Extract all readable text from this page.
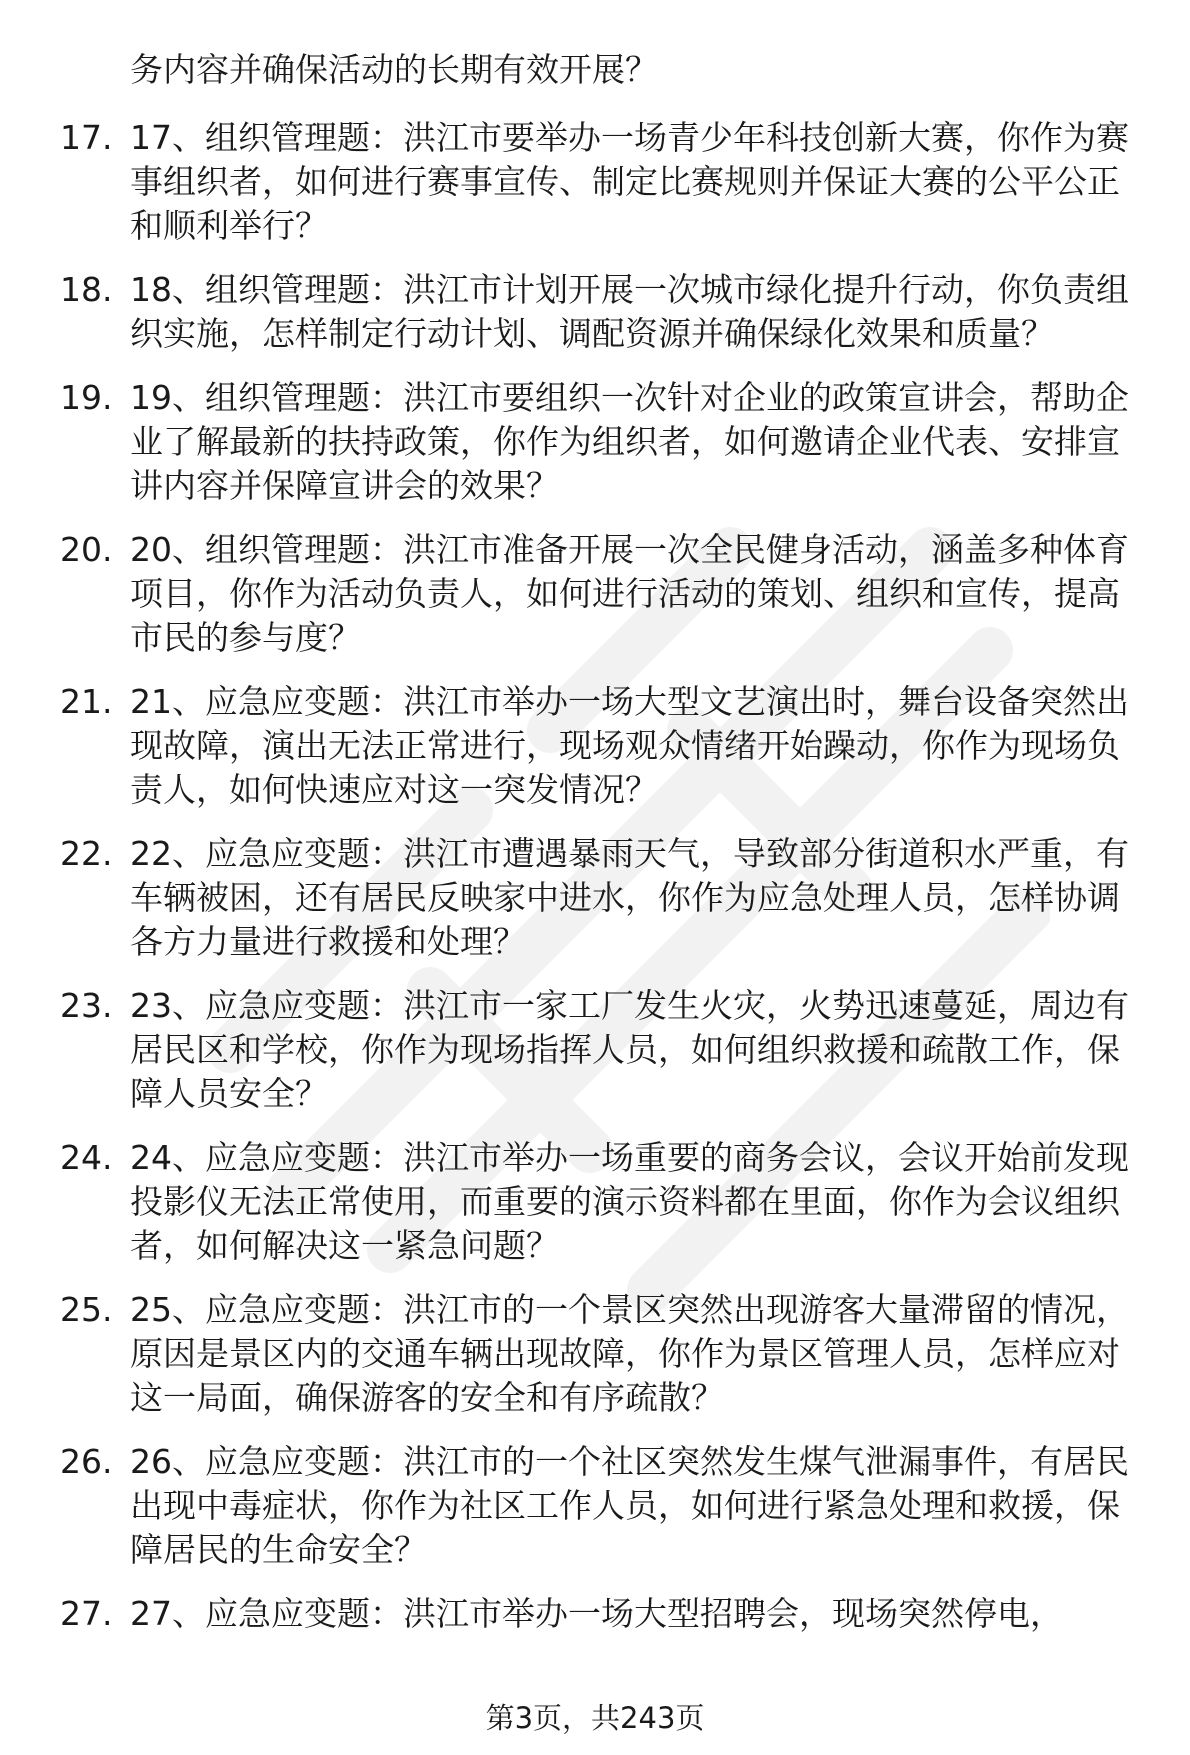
务内容并确保活动的长期有效开展？
17. 17、组织管理题：洪江市要举办一场青少年科技创新大赛，你作为赛事组织者，如何进行赛事宣传、制定比赛规则并保证大赛的公平公正和顺利举行？
18. 18、组织管理题：洪江市计划开展一次城市绿化提升行动，你负责组织实施，怎样制定行动计划、调配资源并确保绿化效果和质量？
19. 19、组织管理题：洪江市要组织一次针对企业的政策宣讲会，帮助企业了解最新的扶持政策，你作为组织者，如何邀请企业代表、安排宣讲内容并保障宣讲会的效果？
20. 20、组织管理题：洪江市准备开展一次全民健身活动，涵盖多种体育项目，你作为活动负责人，如何进行活动的策划、组织和宣传，提高市民的参与度？
21. 21、应急应变题：洪江市举办一场大型文艺演出时，舞台设备突然出现故障，演出无法正常进行，现场观众情绪开始躁动，你作为现场负责人，如何快速应对这一突发情况？
22. 22、应急应变题：洪江市遭遇暴雨天气，导致部分街道积水严重，有车辆被困，还有居民反映家中进水，你作为应急处理人员，怎样协调各方力量进行救援和处理？
23. 23、应急应变题：洪江市一家工厂发生火灾，火势迅速蔓延，周边有居民区和学校，你作为现场指挥人员，如何组织救援和疏散工作，保障人员安全？
24. 24、应急应变题：洪江市举办一场重要的商务会议，会议开始前发现投影仪无法正常使用，而重要的演示资料都在里面，你作为会议组织者，如何解决这一紧急问题？
25. 25、应急应变题：洪江市的一个景区突然出现游客大量滞留的情况，原因是景区内的交通车辆出现故障，你作为景区管理人员，怎样应对这一局面，确保游客的安全和有序疏散？
26. 26、应急应变题：洪江市的一个社区突然发生煤气泄漏事件，有居民出现中毒症状，你作为社区工作人员，如何进行紧急处理和救援，保障居民的生命安全？
27. 27、应急应变题：洪江市举办一场大型招聘会，现场突然停电，
第3页，共243页
